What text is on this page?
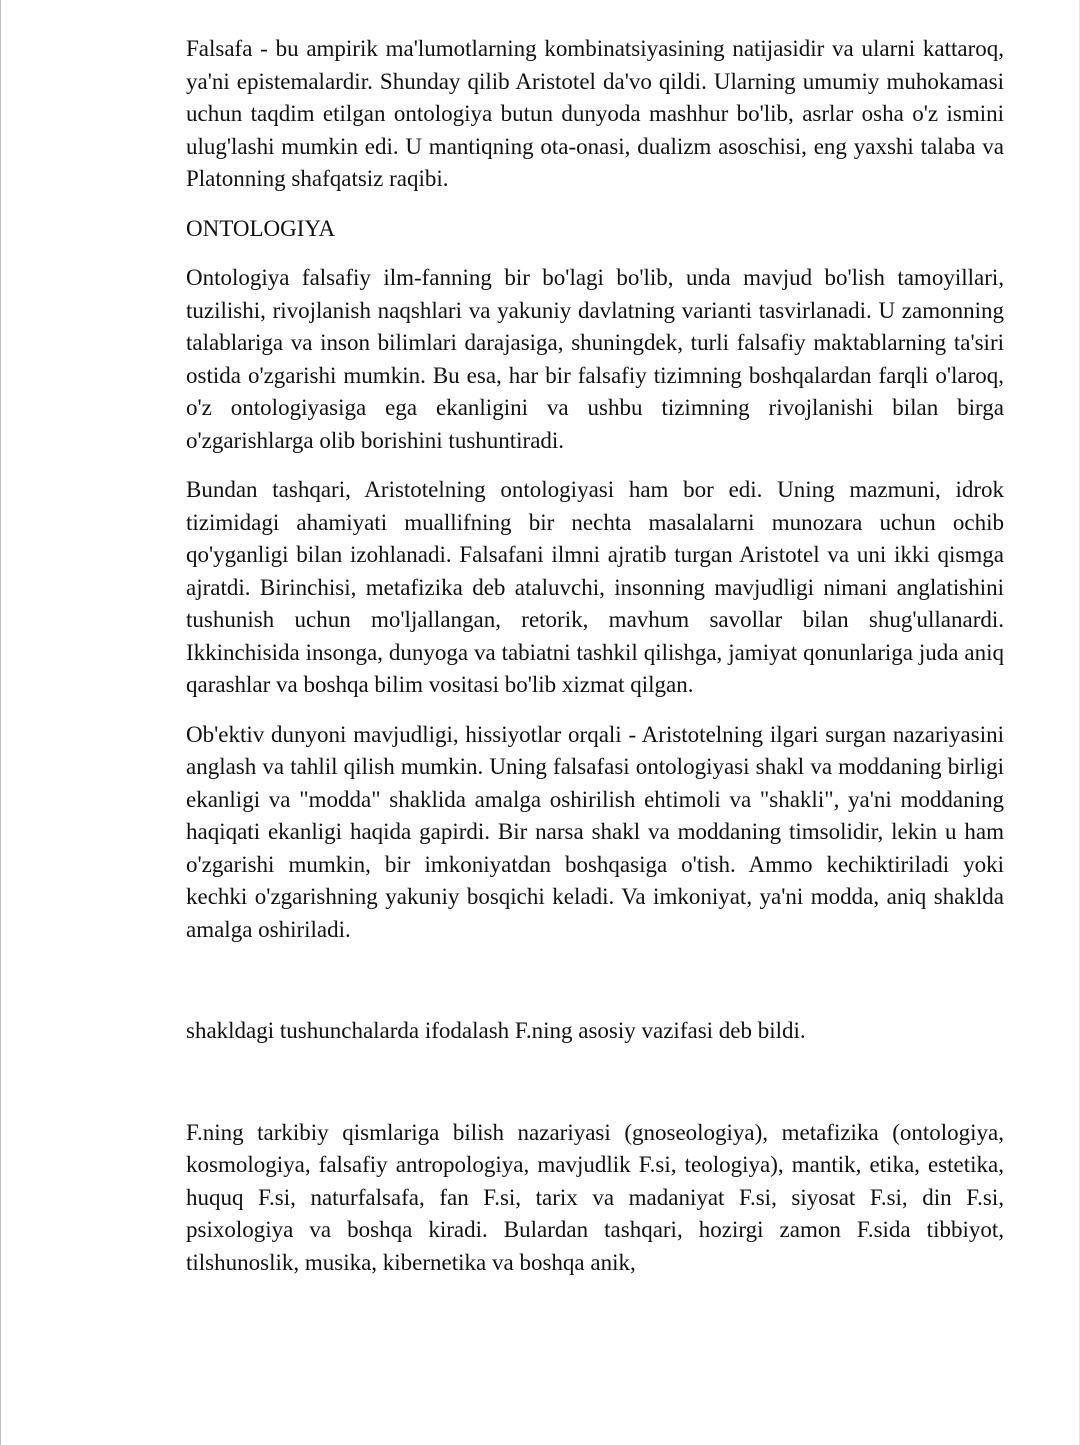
Falsafa - bu ampirik ma'lumotlarning kombinatsiyasining natijasidir va ularni kattaroq, ya'ni epistemalardir. Shunday qilib Aristotel da'vo qildi. Ularning umumiy muhokamasi uchun taqdim etilgan ontologiya butun dunyoda mashhur bo'lib, asrlar osha o'z ismini ulug'lashi mumkin edi. U mantiqning ota-onasi, dualizm asoschisi, eng yaxshi talaba va Platonning shafqatsiz raqibi.

ONTOLOGIYA

Ontologiya falsafiy ilm-fanning bir bo'lagi bo'lib, unda mavjud bo'lish tamoyillari, tuzilishi, rivojlanish naqshlari va yakuniy davlatning varianti tasvirlanadi. U zamonning talablariga va inson bilimlari darajasiga, shuningdek, turli falsafiy maktablarning ta'siri ostida o'zgarishi mumkin. Bu esa, har bir falsafiy tizimning boshqalardan farqli o'laroq, o'z ontologiyasiga ega ekanligini va ushbu tizimning rivojlanishi bilan birga o'zgarishlarga olib borishini tushuntiradi.

Bundan tashqari, Aristotelning ontologiyasi ham bor edi. Uning mazmuni, idrok tizimidagi ahamiyati muallifning bir nechta masalalarni munozara uchun ochib qo'yganligi bilan izohlanadi. Falsafani ilmni ajratib turgan Aristotel va uni ikki qismga ajratdi. Birinchisi, metafizika deb ataluvchi, insonning mavjudligi nimani anglatishini tushunish uchun mo'ljallangan, retorik, mavhum savollar bilan shug'ullanardi. Ikkinchisida insonga, dunyoga va tabiatni tashkil qilishga, jamiyat qonunlariga juda aniq qarashlar va boshqa bilim vositasi bo'lib xizmat qilgan.

Ob'ektiv dunyoni mavjudligi, hissiyotlar orqali - Aristotelning ilgari surgan nazariyasini anglash va tahlil qilish mumkin. Uning falsafasi ontologiyasi shakl va moddaning birligi ekanligi va "modda" shaklida amalga oshirilish ehtimoli va "shakli", ya'ni moddaning haqiqati ekanligi haqida gapirdi. Bir narsa shakl va moddaning timsolidir, lekin u ham o'zgarishi mumkin, bir imkoniyatdan boshqasiga o'tish. Ammo kechiktiriladi yoki kechki o'zgarishning yakuniy bosqichi keladi. Va imkoniyat, ya'ni modda, aniq shaklda amalga oshiriladi.

shakldagi tushunchalarda ifodalash F.ning asosiy vazifasi deb bildi.

F.ning tarkibiy qismlariga bilish nazariyasi (gnoseologiya), metafizika (ontologiya, kosmologiya, falsafiy antropologiya, mavjudlik F.si, teologiya), mantik, etika, estetika, huquq F.si, naturfalsafa, fan F.si, tarix va madaniyat F.si, siyosat F.si, din F.si, psixologiya va boshqa kiradi. Bulardan tashqari, hozirgi zamon F.sida tibbiyot, tilshunoslik, musika, kibernetika va boshqa anik,
